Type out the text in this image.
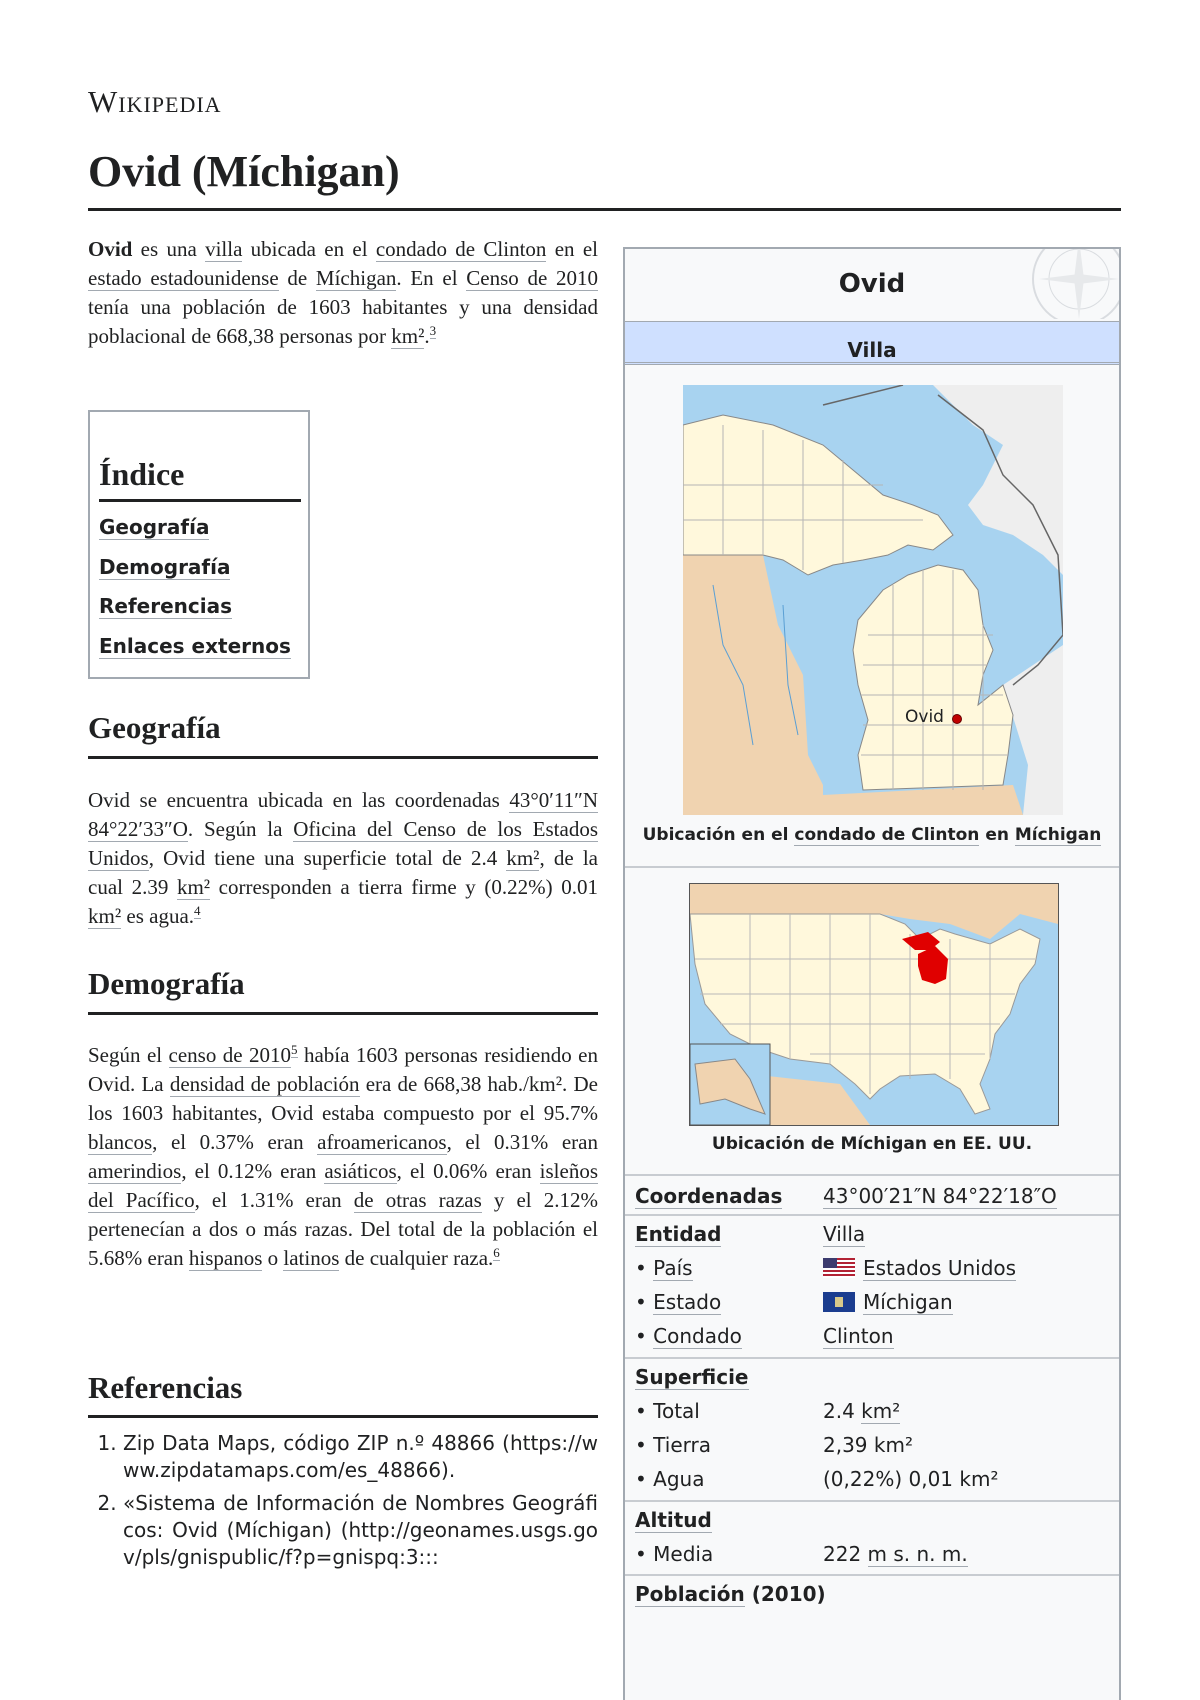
Wikipedia
Ovid (Míchigan)

Ovid es una villa ubicada en el condado de Clinton en el estado estadounidense de Míchigan. En el Censo de 2010 tenía una población de 1603 habitantes y una densidad poblacional de 668,38 personas por km².$^3$

Índice
Geografía
Demografía
Referencias
Enlaces externos
Geografía

Ovid se encuentra ubicada en las coordenadas 43°0′11″N 84°22′33″O. Según la Oficina del Censo de los Estados Unidos, Ovid tiene una superficie total de 2.4 km², de la cual 2.39 km² corresponden a tierra firme y (0.22%) 0.01 km² es agua.$^4$

Demografía

Según el censo de 2010$^5$ había 1603 personas residiendo en Ovid. La densidad de población era de 668,38 hab./km². De los 1603 habitantes, Ovid estaba compuesto por el 95.7% blancos, el 0.37% eran afroamericanos, el 0.31% eran amerindios, el 0.12% eran asiáticos, el 0.06% eran isleños del Pacífico, el 1.31% eran de otras razas y el 2.12% pertenecían a dos o más razas. Del total de la población el 5.68% eran hispanos o latinos de cualquier raza.$^6$

Referencias
1. Zip Data Maps, código ZIP n.º 48866 (https://www.zipdatamaps.com/es_48866).
2. «Sistema de Información de Nombres Geográficos: Ovid (Míchigan) (http://geonames.usgs.gov/pls/gnispublic/f?p=gnispq:3:::
Ovid
Villa
Ovid
Ubicación en el condado de Clinton en Míchigan
Ubicación de Míchigan en EE. UU.
Coordenadas 43°00′21″N 84°22′18″O
Entidad	Villa
• País	Estados Unidos
• Estado	Míchigan
• Condado	Clinton
Superficie
• Total	2.4 km²
• Tierra	2,39 km²
• Agua	(0,22%) 0,01 km²
Altitud
• Media	222 m s. n. m.
Población (2010)
